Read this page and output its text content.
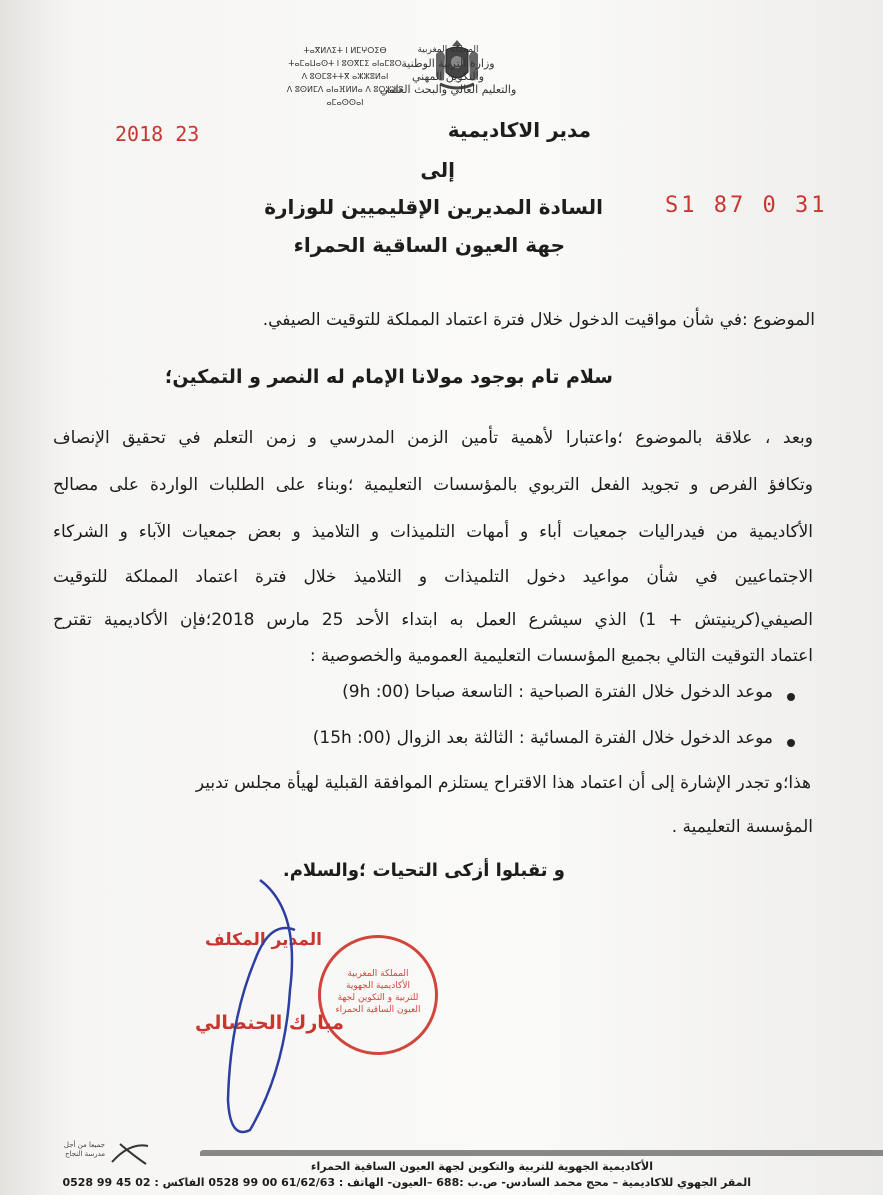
ⵜⴰⴳⵍⴷⵉⵜ ⵏ ⵍⵎⵖⵔⵉⴱ
ⵜⴰⵎⴰⵡⴰⵙⵜ ⵏ ⵓⵙⴳⵎⵉ ⴰⵏⴰⵎⵓⵔ
ⴷ ⵓⵙⵎⵓⵜⵜⴳ ⴰⵣⵣⵓⵍⴰⵏ
ⴷ ⵓⵙⵍⵎⴷ ⴰⵏⴰⴼⵍⵍⴰ ⴷ ⵓⵔⵣⵣⵓ ⴰⵎⴰⵙⵙⴰⵏ
المملكة المغربية
وزارة التربية الوطنية
والتكوين المهني
والتعليم العالي والبحث العلمي
2018 23
S1 87 0 31
مدير الاكاديمية
إلى
السادة المديرين الإقليميين للوزارة
جهة العيون الساقية الحمراء
الموضوع :في شأن مواقيت الدخول خلال فترة اعتماد المملكة للتوقيت الصيفي.
سلام تام بوجود مولانا الإمام له النصر و التمكين؛
وبعد ، علاقة بالموضوع ؛واعتبارا لأهمية تأمين الزمن المدرسي و زمن التعلم في تحقيق الإنصاف
وتكافؤ الفرص و تجويد الفعل التربوي بالمؤسسات التعليمية ؛وبناء على الطلبات الواردة على مصالح
الأكاديمية من فيدراليات جمعيات أباء و أمهات التلميذات و التلاميذ و بعض جمعيات الآباء و الشركاء
الاجتماعيين في شأن مواعيد دخول التلميذات و التلاميذ خلال فترة اعتماد المملكة للتوقيت
الصيفي(كرينيتش + 1) الذي سيشرع العمل به ابتداء الأحد 25 مارس 2018؛فإن الأكاديمية تقترح
اعتماد التوقيت التالي بجميع المؤسسات التعليمية العمومية والخصوصية :
موعد الدخول خلال الفترة الصباحية : التاسعة صباحا (9h :00)
موعد الدخول خلال الفترة المسائية : الثالثة بعد الزوال (15h :00)
هذا؛و تجدر الإشارة إلى أن اعتماد هذا الاقتراح يستلزم الموافقة القبلية لهيأة مجلس تدبير
المؤسسة التعليمية .
و تقبلوا أزكى التحيات ؛والسلام.
المملكة المغربية الأكاديمية الجهوية للتربية و التكوين لجهة العيون الساقية الحمراء
المدير المكلف
مبارك الحنصالي
جميعا من أجل مدرسة النجاح
الأكاديمية الجهوية للتربية والتكوين لجهة العيون الساقية الحمراء
المقر الجهوي للاكاديمية – محج محمد السادس- ص.ب :688 –العيون- الهاتف : 61/62/63 00 99 0528 الفاكس : 02 45 99 0528
